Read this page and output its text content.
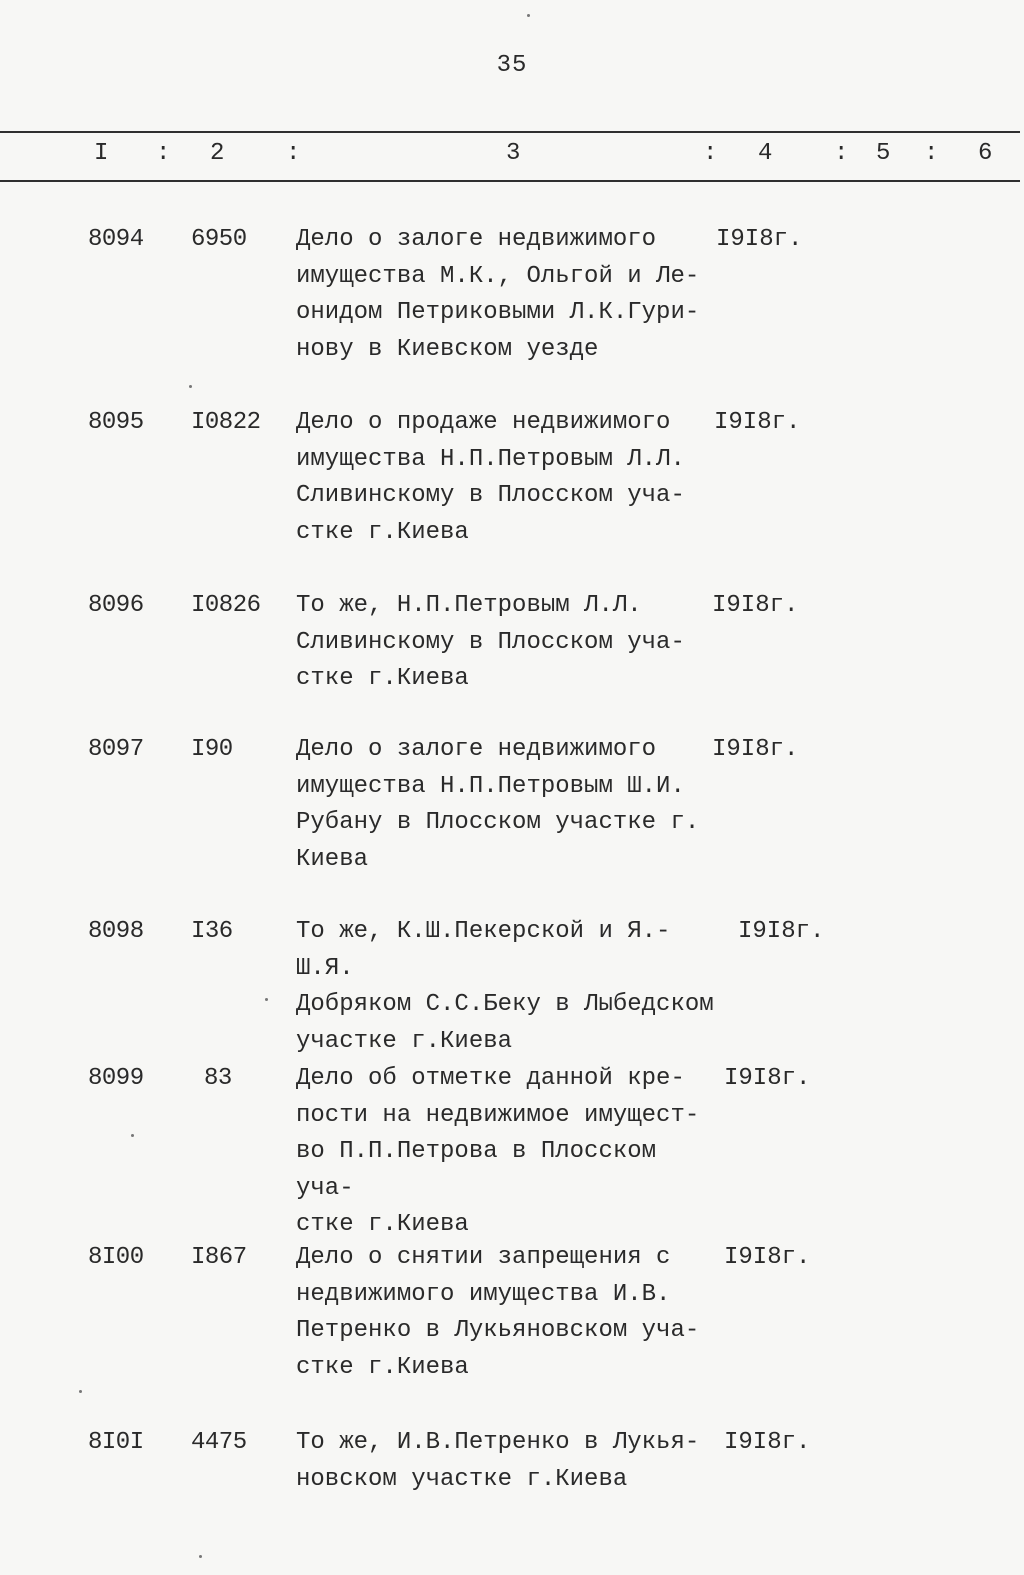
35
I : 2	:	3	: 4	: 5 : 6
8094 6950 Дело о залоге недвижимого
имущества М.К., Ольгой и Ле-
онидом Петриковыми Л.К.Гури-
нову в Киевском уезде
I9I8г.
8095 I0822 Дело о продаже недвижимого
имущества Н.П.Петровым Л.Л.
Сливинскому в Плосском уча-
стке г.Киева
I9I8г.
8096 I0826 То же, Н.П.Петровым Л.Л.
Сливинскому в Плосском уча-
стке г.Киева
I9I8г.
8097 I90	Дело о залоге недвижимого
имущества Н.П.Петровым Ш.И.
Рубану в Плосском участке г.
Киева
I9I8г.
8098 I36	То же, К.Ш.Пекерской и Я.-Ш.Я.
Добряком С.С.Беку в Лыбедском
участке г.Киева
I9I8г.
8099	83	Дело об отметке данной кре-
пости на недвижимое имущест-
во П.П.Петрова в Плосском уча-
стке г.Киева
I9I8г.
8I00 I867 Дело о снятии запрещения с
недвижимого имущества И.В.
Петренко в Лукьяновском уча-
стке г.Киева
I9I8г.
8I0I 4475 То же, И.В.Петренко в Лукья-
новском участке г.Киева
I9I8г.
